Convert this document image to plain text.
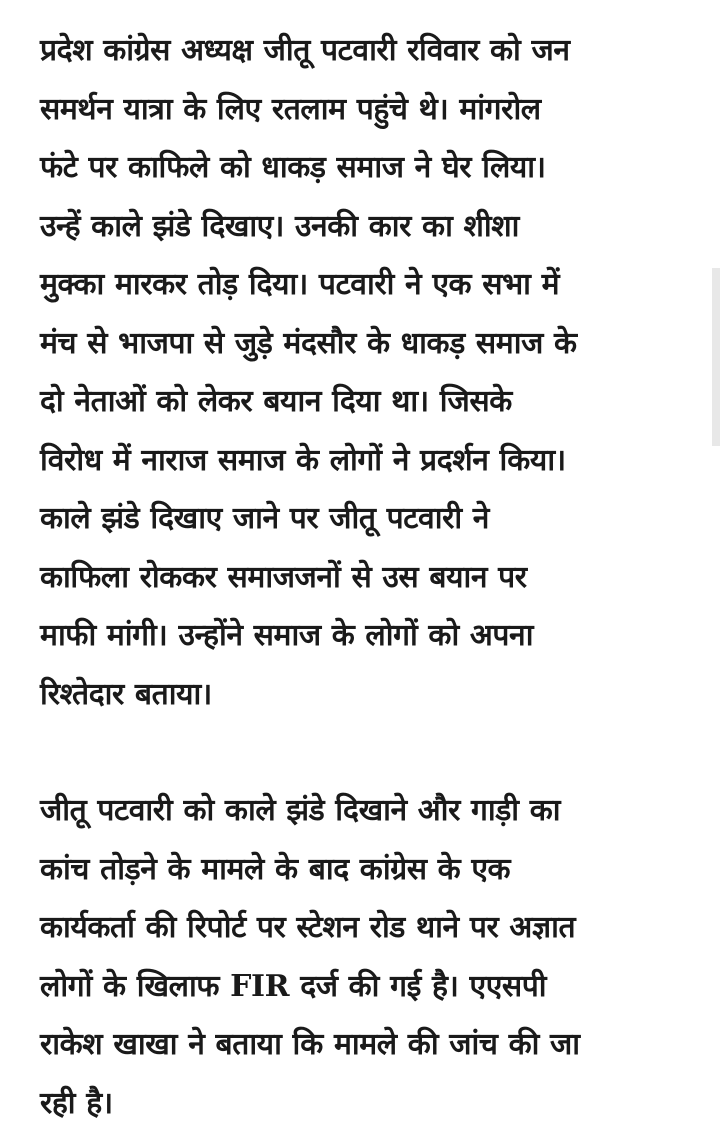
प्रदेश कांग्रेस अध्यक्ष जीतू पटवारी रविवार को जन
समर्थन यात्रा के लिए रतलाम पहुंचे थे। मांगरोल
फंटे पर काफिले को धाकड़ समाज ने घेर लिया।
उन्हें काले झंडे दिखाए। उनकी कार का शीशा
मुक्का मारकर तोड़ दिया। पटवारी ने एक सभा में
मंच से भाजपा से जुड़े मंदसौर के धाकड़ समाज के
दो नेताओं को लेकर बयान दिया था। जिसके
विरोध में नाराज समाज के लोगों ने प्रदर्शन किया।
काले झंडे दिखाए जाने पर जीतू पटवारी ने
काफिला रोककर समाजजनों से उस बयान पर
माफी मांगी। उन्होंने समाज के लोगों को अपना
रिश्तेदार बताया।

जीतू पटवारी को काले झंडे दिखाने और गाड़ी का
कांच तोड़ने के मामले के बाद कांग्रेस के एक
कार्यकर्ता की रिपोर्ट पर स्टेशन रोड थाने पर अज्ञात
लोगों के खिलाफ FIR दर्ज की गई है। एएसपी
राकेश खाखा ने बताया कि मामले की जांच की जा
रही है।
